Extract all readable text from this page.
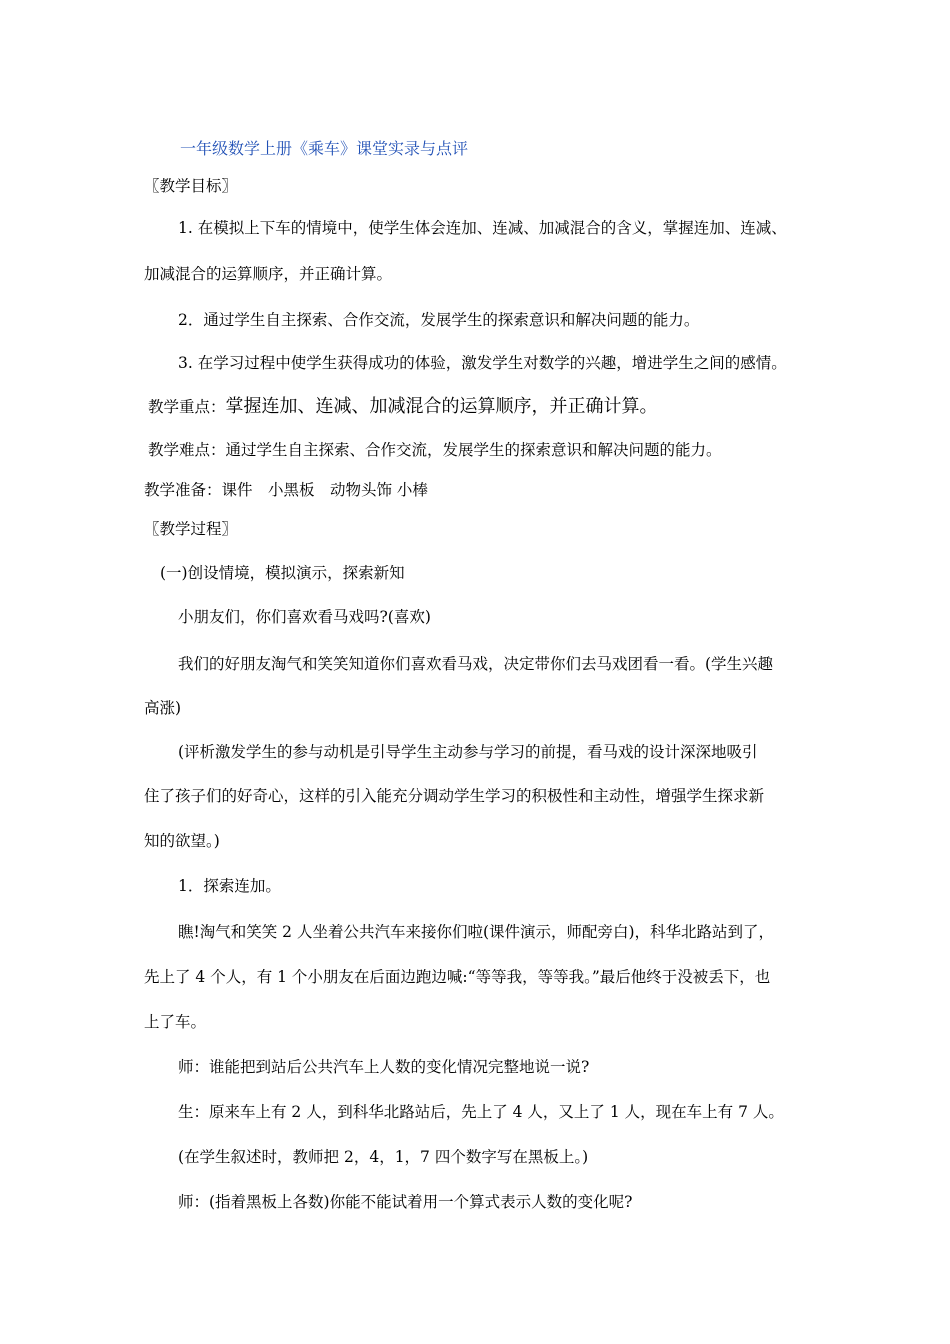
一年级数学上册《乘车》课堂实录与点评
〖教学目标〗
1. 在模拟上下车的情境中，使学生体会连加、连减、加减混合的含义，掌握连加、连减、
加减混合的运算顺序，并正确计算。
2．通过学生自主探索、合作交流，发展学生的探索意识和解决问题的能力。
3. 在学习过程中使学生获得成功的体验，激发学生对数学的兴趣，增进学生之间的感情。
教学重点：掌握连加、连减、加减混合的运算顺序，并正确计算。
教学难点：通过学生自主探索、合作交流，发展学生的探索意识和解决问题的能力。
教学准备：课件　小黑板　动物头饰 小棒
〖教学过程〗
(一)创设情境，模拟演示，探索新知
小朋友们，你们喜欢看马戏吗?(喜欢)
我们的好朋友淘气和笑笑知道你们喜欢看马戏，决定带你们去马戏团看一看。(学生兴趣
高涨)
(评析激发学生的参与动机是引导学生主动参与学习的前提，看马戏的设计深深地吸引
住了孩子们的好奇心，这样的引入能充分调动学生学习的积极性和主动性，增强学生探求新
知的欲望。)
1．探索连加。
瞧!淘气和笑笑 2 人坐着公共汽车来接你们啦(课件演示，师配旁白)，科华北路站到了，
先上了 4 个人，有 1 个小朋友在后面边跑边喊:“等等我，等等我。”最后他终于没被丢下，也
上了车。
师：谁能把到站后公共汽车上人数的变化情况完整地说一说?
生：原来车上有 2 人，到科华北路站后，先上了 4 人，又上了 1 人，现在车上有 7 人。
(在学生叙述时，教师把 2，4，1，7 四个数字写在黑板上。)
师：(指着黑板上各数)你能不能试着用一个算式表示人数的变化呢?
